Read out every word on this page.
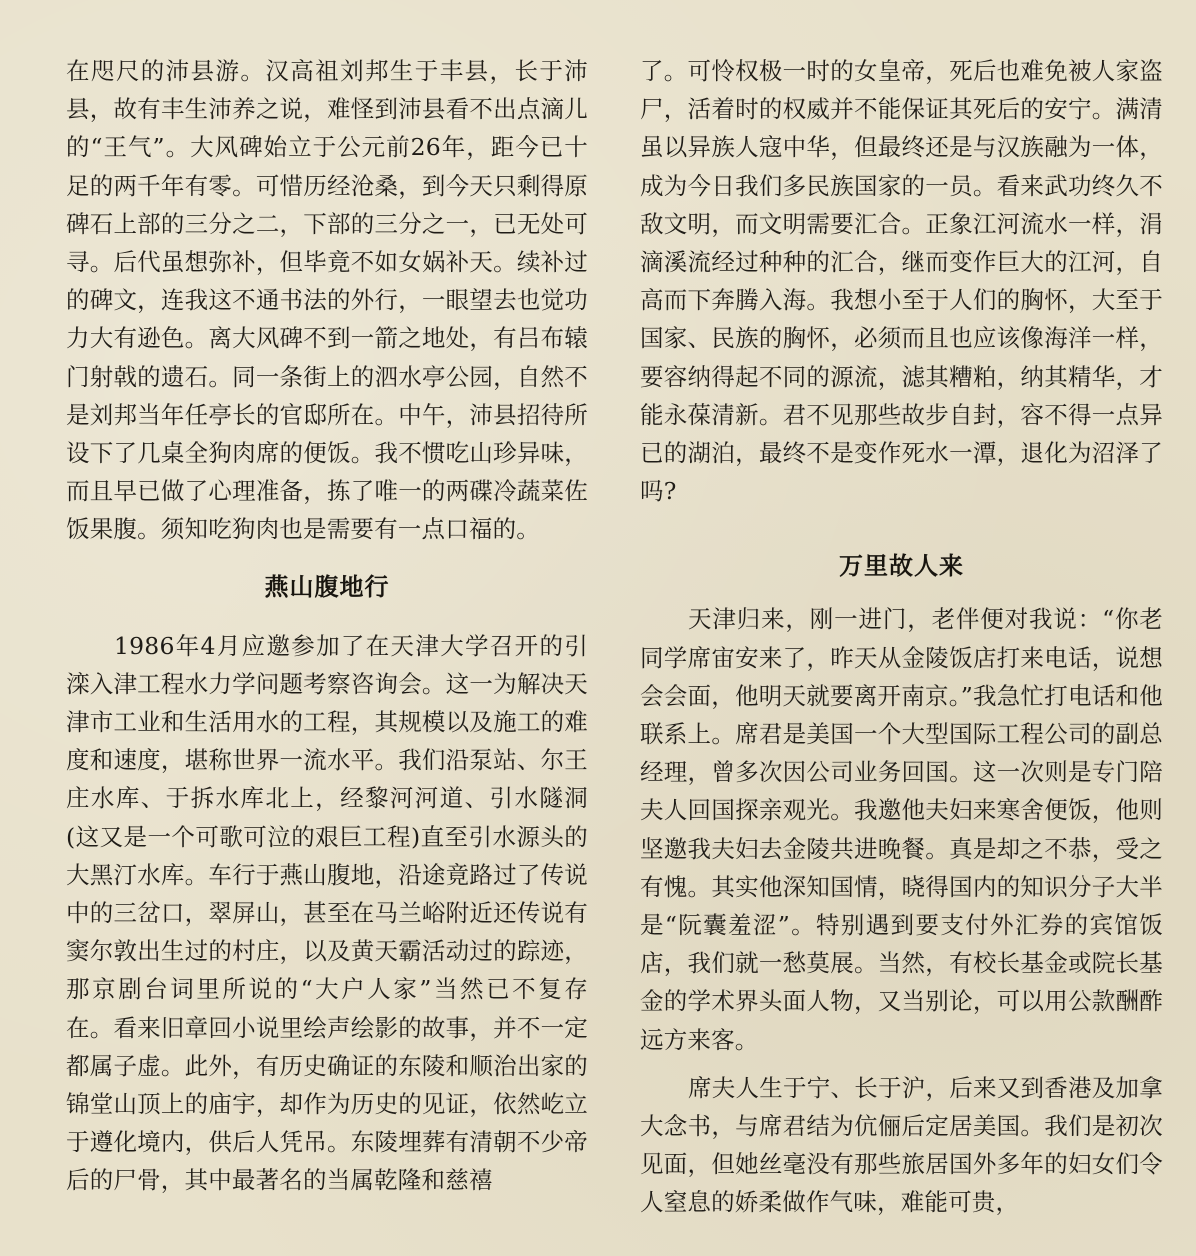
在咫尺的沛县游。汉高祖刘邦生于丰县，长于沛县，故有丰生沛养之说，难怪到沛县看不出点滴儿的“王气”。大风碑始立于公元前26年，距今已十足的两千年有零。可惜历经沧桑，到今天只剩得原碑石上部的三分之二，下部的三分之一，已无处可寻。后代虽想弥补，但毕竟不如女娲补天。续补过的碑文，连我这不通书法的外行，一眼望去也觉功力大有逊色。离大风碑不到一箭之地处，有吕布辕门射戟的遗石。同一条街上的泗水亭公园，自然不是刘邦当年任亭长的官邸所在。中午，沛县招待所设下了几桌全狗肉席的便饭。我不惯吃山珍异味，而且早已做了心理准备，拣了唯一的两碟冷蔬菜佐饭果腹。须知吃狗肉也是需要有一点口福的。

燕山腹地行

1986年4月应邀参加了在天津大学召开的引滦入津工程水力学问题考察咨询会。这一为解决天津市工业和生活用水的工程，其规模以及施工的难度和速度，堪称世界一流水平。我们沿泵站、尔王庄水库、于拆水库北上，经黎河河道、引水隧洞(这又是一个可歌可泣的艰巨工程)直至引水源头的大黑汀水库。车行于燕山腹地，沿途竟路过了传说中的三岔口，翠屏山，甚至在马兰峪附近还传说有窦尔敦出生过的村庄，以及黄天霸活动过的踪迹，那京剧台词里所说的“大户人家”当然已不复存在。看来旧章回小说里绘声绘影的故事，并不一定都属子虚。此外，有历史确证的东陵和顺治出家的锦堂山顶上的庙宇，却作为历史的见证，依然屹立于遵化境内，供后人凭吊。东陵埋葬有清朝不少帝后的尸骨，其中最著名的当属乾隆和慈禧

了。可怜权极一时的女皇帝，死后也难免被人家盗尸，活着时的权威并不能保证其死后的安宁。满清虽以异族人寇中华，但最终还是与汉族融为一体，成为今日我们多民族国家的一员。看来武功终久不敌文明，而文明需要汇合。正象江河流水一样，涓滴溪流经过种种的汇合，继而变作巨大的江河，自高而下奔腾入海。我想小至于人们的胸怀，大至于国家、民族的胸怀，必须而且也应该像海洋一样，要容纳得起不同的源流，滤其糟粕，纳其精华，才能永葆清新。君不见那些故步自封，容不得一点异已的湖泊，最终不是变作死水一潭，退化为沼泽了吗?

万里故人来

天津归来，刚一进门，老伴便对我说：“你老同学席宙安来了，昨天从金陵饭店打来电话，说想会会面，他明天就要离开南京。”我急忙打电话和他联系上。席君是美国一个大型国际工程公司的副总经理，曾多次因公司业务回国。这一次则是专门陪夫人回国探亲观光。我邀他夫妇来寒舍便饭，他则坚邀我夫妇去金陵共进晚餐。真是却之不恭，受之有愧。其实他深知国情，晓得国内的知识分子大半是“阮囊羞涩”。特别遇到要支付外汇券的宾馆饭店，我们就一愁莫展。当然，有校长基金或院长基金的学术界头面人物，又当别论，可以用公款酬酢远方来客。

席夫人生于宁、长于沪，后来又到香港及加拿大念书，与席君结为伉俪后定居美国。我们是初次见面，但她丝毫没有那些旅居国外多年的妇女们令人窒息的娇柔做作气味，难能可贵，
